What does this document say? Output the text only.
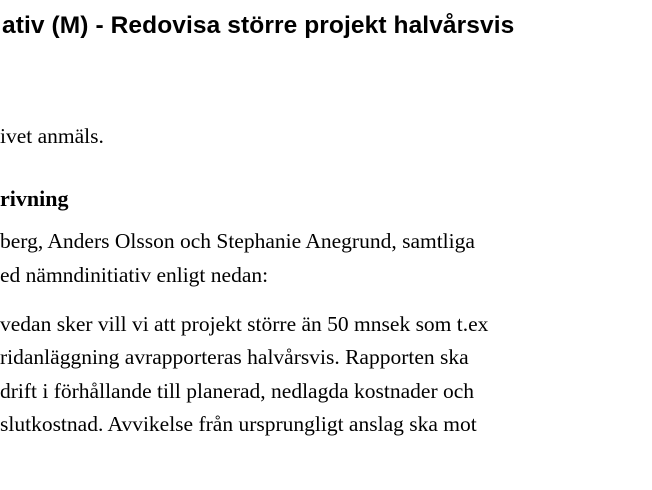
ativ (M) - Redovisa större projekt halvårsvis
ivet anmäls.
rivning
berg, Anders Olsson och Stephanie Anegrund, samtliga
ed nämndinitiativ enligt nedan:
vedan sker vill vi att projekt större än 50 mnsek som t.ex
ridanläggning avrapporteras halvårsvis. Rapporten ska
drift i förhållande till planerad, nedlagda kostnader och
slutkostnad. Avvikelse från ursprungligt anslag ska mot
